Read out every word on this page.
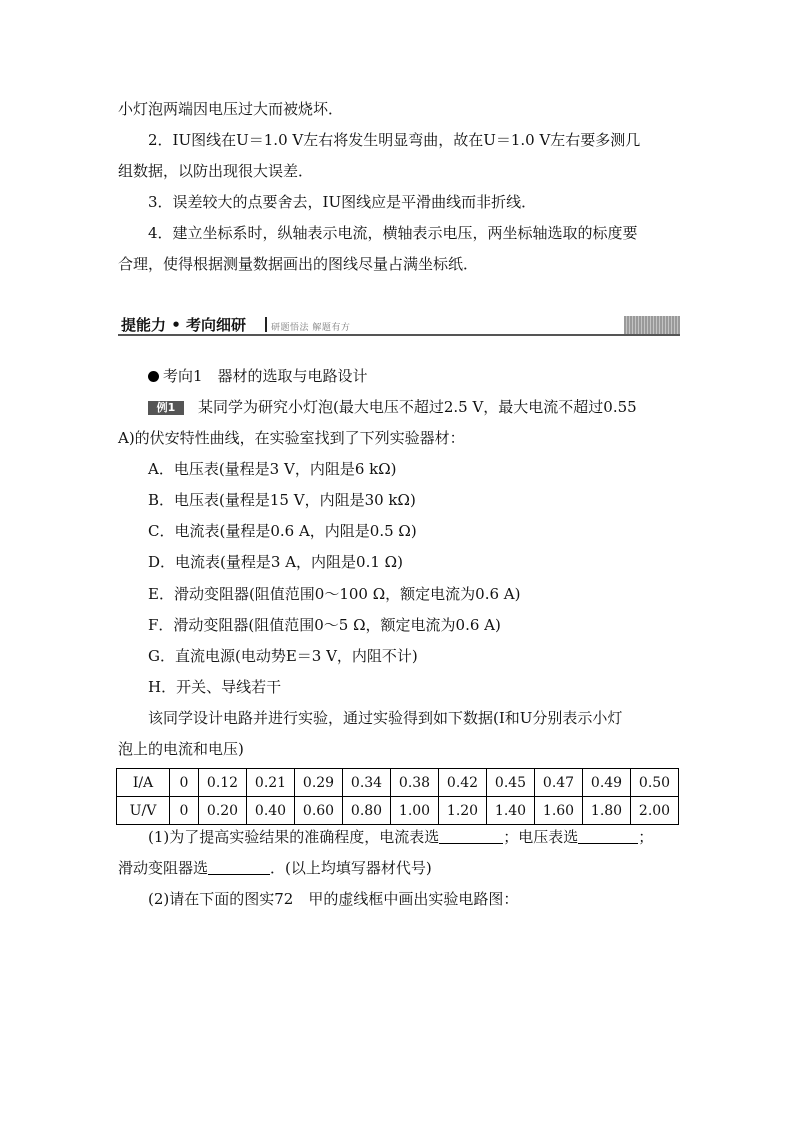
小灯泡两端因电压过大而被烧坏．
2．IU图线在U＝1.0 V左右将发生明显弯曲，故在U＝1.0 V左右要多测几
组数据，以防出现很大误差．
3．误差较大的点要舍去，IU图线应是平滑曲线而非折线．
4．建立坐标系时，纵轴表示电流，横轴表示电压，两坐标轴选取的标度要
合理，使得根据测量数据画出的图线尽量占满坐标纸．
提能力 • 考向细研	研题悟法 解题有方
考向1　器材的选取与电路设计
例1 某同学为研究小灯泡(最大电压不超过2.5 V，最大电流不超过0.55
A)的伏安特性曲线，在实验室找到了下列实验器材：
A．电压表(量程是3 V，内阻是6 kΩ)
B．电压表(量程是15 V，内阻是30 kΩ)
C．电流表(量程是0.6 A，内阻是0.5 Ω)
D．电流表(量程是3 A，内阻是0.1 Ω)
E．滑动变阻器(阻值范围0～100 Ω，额定电流为0.6 A)
F．滑动变阻器(阻值范围0～5 Ω，额定电流为0.6 A)
G．直流电源(电动势E＝3 V，内阻不计)
H．开关、导线若干
该同学设计电路并进行实验，通过实验得到如下数据(I和U分别表示小灯
泡上的电流和电压)
I/A	0	0.12	0.21	0.29	0.34	0.38	0.42	0.45	0.47	0.49	0.50
U/V	0	0.20	0.40	0.60	0.80	1.00	1.20	1.40	1.60	1.80	2.00
(1)为了提高实验结果的准确程度，电流表选	；电压表选	；
滑动变阻器选	．(以上均填写器材代号)
(2)请在下面的图实72　甲的虚线框中画出实验电路图：
